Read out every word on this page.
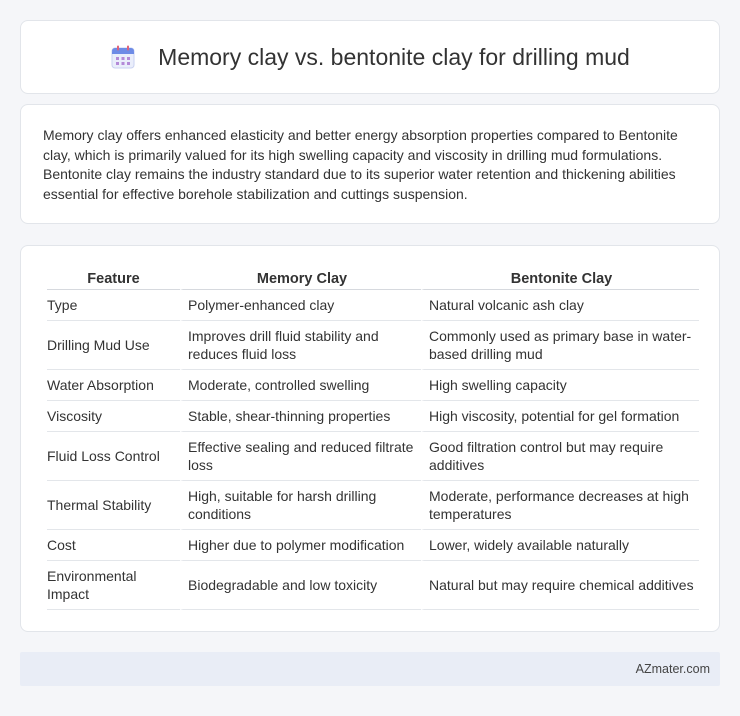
Memory clay vs. bentonite clay for drilling mud

Memory clay offers enhanced elasticity and better energy absorption properties compared to Bentonite clay, which is primarily valued for its high swelling capacity and viscosity in drilling mud formulations. Bentonite clay remains the industry standard due to its superior water retention and thickening abilities essential for effective borehole stabilization and cuttings suspension.

Feature	Memory Clay	Bentonite Clay
Type	Polymer-enhanced clay	Natural volcanic ash clay
Drilling Mud Use	Improves drill fluid stability and reduces fluid loss	Commonly used as primary base in water-based drilling mud
Water Absorption	Moderate, controlled swelling	High swelling capacity
Viscosity	Stable, shear-thinning properties	High viscosity, potential for gel formation
Fluid Loss Control	Effective sealing and reduced filtrate loss	Good filtration control but may require additives
Thermal Stability	High, suitable for harsh drilling conditions	Moderate, performance decreases at high temperatures
Cost	Higher due to polymer modification	Lower, widely available naturally
Environmental Impact	Biodegradable and low toxicity	Natural but may require chemical additives
AZmater.com
